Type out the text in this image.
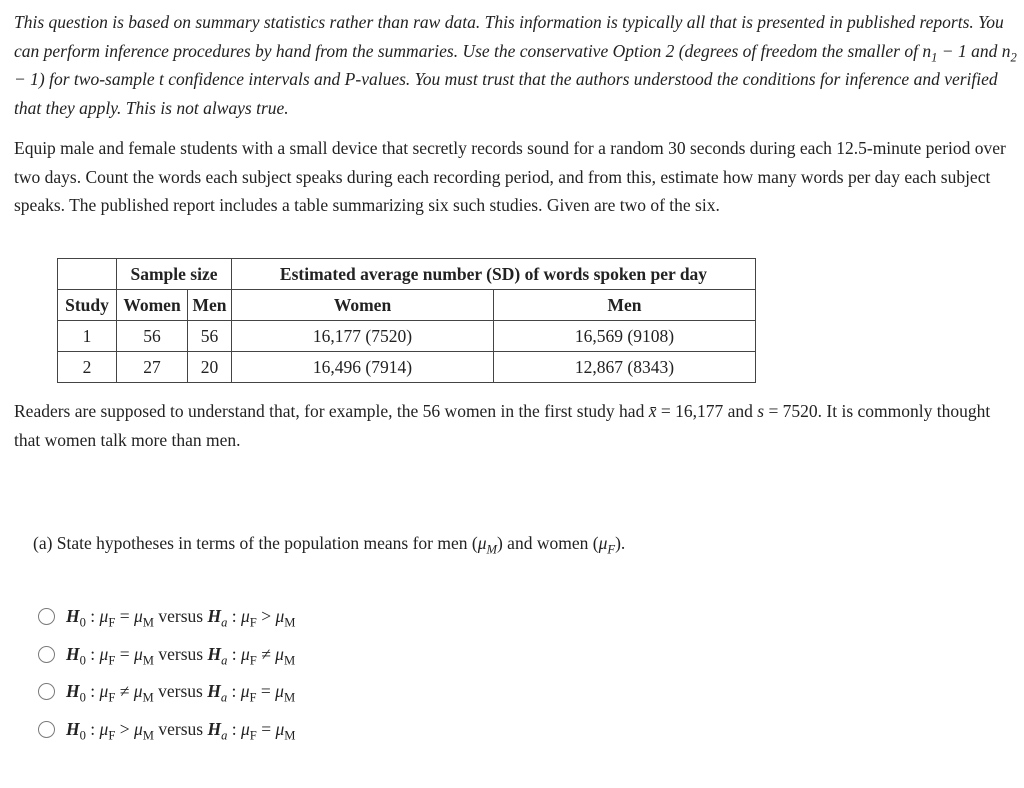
This question is based on summary statistics rather than raw data. This information is typically all that is presented in published reports. You can perform inference procedures by hand from the summaries. Use the conservative Option 2 (degrees of freedom the smaller of $n_1 - 1$ and $n_2 - 1$) for two-sample t confidence intervals and P-values. You must trust that the authors understood the conditions for inference and verified that they apply. This is not always true.

Equip male and female students with a small device that secretly records sound for a random 30 seconds during each 12.5-minute period over two days. Count the words each subject speaks during each recording period, and from this, estimate how many words per day each subject speaks. The published report includes a table summarizing six such studies. Given are two of the six.

	Sample size		Estimated average number (SD) of words spoken per day	
Study	Women	Men	Women	Men
1	56	56	16,177 (7520)	16,569 (9108)
2	27	20	16,496 (7914)	12,867 (8343)

Readers are supposed to understand that, for example, the 56 women in the first study had x̄ = 16,177 and s = 7520. It is commonly thought that women talk more than men.

(a) State hypotheses in terms of the population means for men $(\mu_M)$ and women $(\mu_F)$.

$H_0$ : $\mu_F = \mu_M$ versus $H_a$ : $\mu_F > \mu_M$
$H_0$ : $\mu_F = \mu_M$ versus $H_a$ : $\mu_F \ne \mu_M$
$H_0$ : $\mu_F \ne \mu_M$ versus $H_a$ : $\mu_F = \mu_M$
$H_0$ : $\mu_F > \mu_M$ versus $H_a$ : $\mu_F = \mu_M$
